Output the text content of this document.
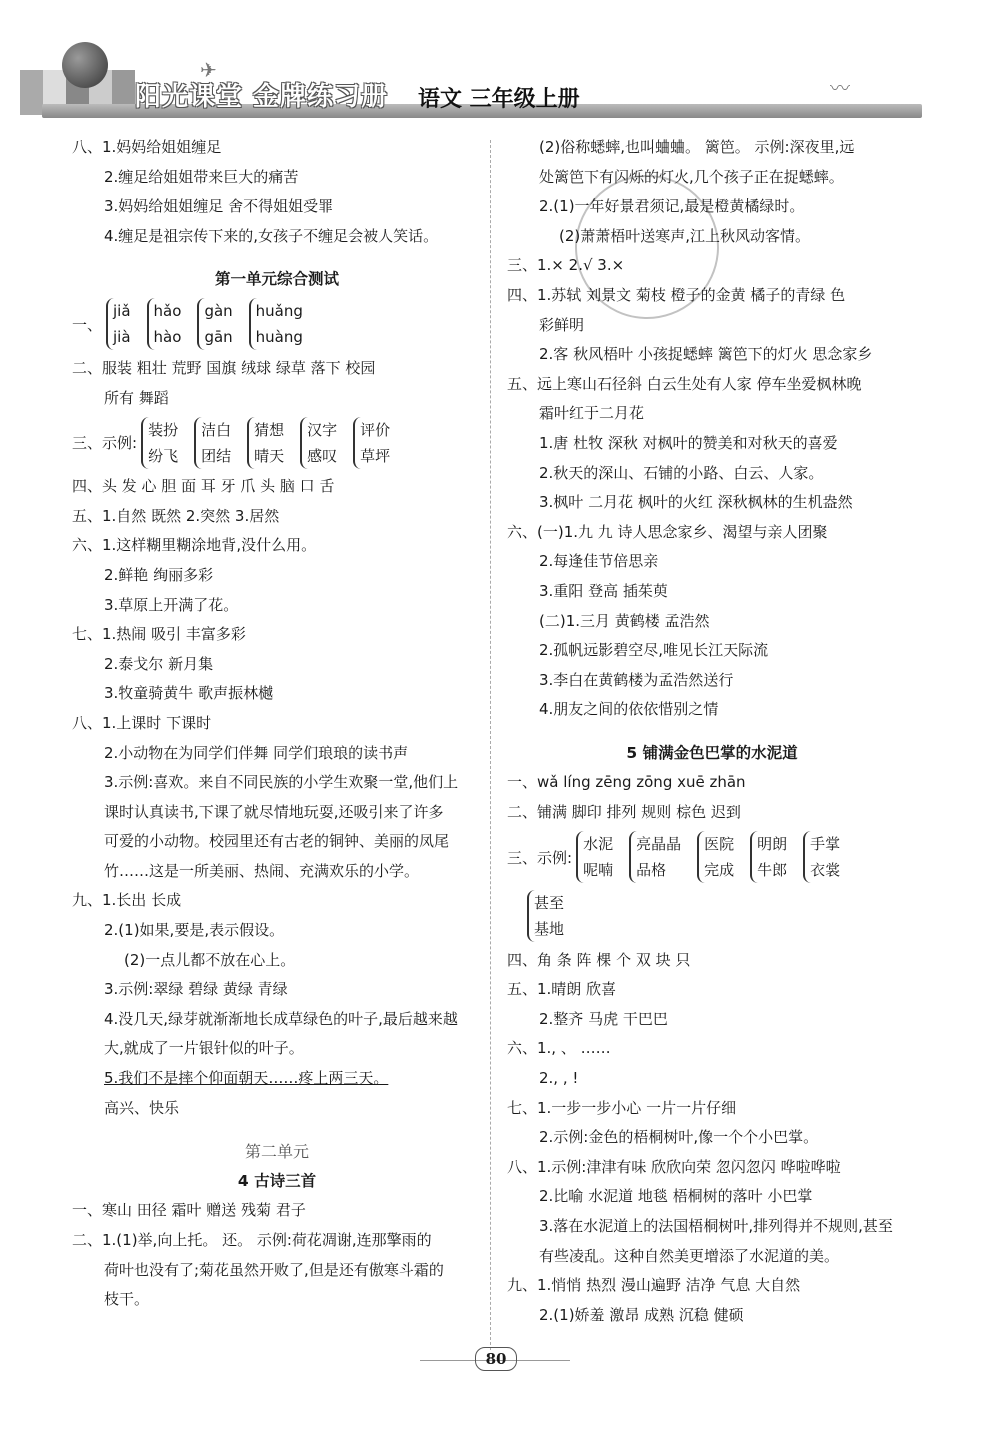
阳光课堂 金牌练习册 语文 三年级上册
✈
〰
八、1.妈妈给姐姐缠足
2.缠足给姐姐带来巨大的痛苦
3.妈妈给姐姐缠足 舍不得姐姐受罪
4.缠足是祖宗传下来的,女孩子不缠足会被人笑话。
第一单元综合测试
一、
jiǎ
jià
hǎo
hào
gàn
gān
huǎng
huàng
二、服装 粗壮 荒野 国旗 绒球 绿草 落下 校园
所有 舞蹈
三、示例:
装扮
纷飞
洁白
团结
猜想
晴天
汉字
感叹
评价
草坪
四、头 发 心 胆 面 耳 牙 爪 头 脑 口 舌
五、1.自然 既然 2.突然 3.居然
六、1.这样糊里糊涂地背,没什么用。
2.鲜艳 绚丽多彩
3.草原上开满了花。
七、1.热闹 吸引 丰富多彩
2.泰戈尔 新月集
3.牧童骑黄牛 歌声振林樾
八、1.上课时 下课时
2.小动物在为同学们伴舞 同学们琅琅的读书声
3.示例:喜欢。来自不同民族的小学生欢聚一堂,他们上
课时认真读书,下课了就尽情地玩耍,还吸引来了许多
可爱的小动物。校园里还有古老的铜钟、美丽的凤尾
竹……这是一所美丽、热闹、充满欢乐的小学。
九、1.长出 长成
2.(1)如果,要是,表示假设。
(2)一点儿都不放在心上。
3.示例:翠绿 碧绿 黄绿 青绿
4.没几天,绿芽就渐渐地长成草绿色的叶子,最后越来越
大,就成了一片银针似的叶子。
5.我们不是摔个仰面朝天……疼上两三天。
高兴、快乐
第二单元
4 古诗三首
一、寒山 田径 霜叶 赠送 残菊 君子
二、1.(1)举,向上托。 还。 示例:荷花凋谢,连那擎雨的
荷叶也没有了;菊花虽然开败了,但是还有傲寒斗霜的
枝干。
(2)俗称蟋蟀,也叫蛐蛐。 篱笆。 示例:深夜里,远
处篱笆下有闪烁的灯火,几个孩子正在捉蟋蟀。
2.(1)一年好景君须记,最是橙黄橘绿时。
(2)萧萧梧叶送寒声,江上秋风动客情。
三、1.× 2.√ 3.×
四、1.苏轼 刘景文 菊枝 橙子的金黄 橘子的青绿 色
彩鲜明
2.客 秋风梧叶 小孩捉蟋蟀 篱笆下的灯火 思念家乡
五、远上寒山石径斜 白云生处有人家 停车坐爱枫林晚
霜叶红于二月花
1.唐 杜牧 深秋 对枫叶的赞美和对秋天的喜爱
2.秋天的深山、石铺的小路、白云、人家。
3.枫叶 二月花 枫叶的火红 深秋枫林的生机盎然
六、(一)1.九 九 诗人思念家乡、渴望与亲人团聚
2.每逢佳节倍思亲
3.重阳 登高 插茱萸
(二)1.三月 黄鹤楼 孟浩然
2.孤帆远影碧空尽,唯见长江天际流
3.李白在黄鹤楼为孟浩然送行
4.朋友之间的依依惜别之情
5 铺满金色巴掌的水泥道
一、wǎ líng zēng zōng xuē zhān
二、铺满 脚印 排列 规则 棕色 迟到
三、示例:
水泥
呢喃
亮晶晶
品格
医院
完成
明朗
牛郎
手掌
衣裳
甚至
基地
四、角 条 阵 棵 个 双 块 只
五、1.晴朗 欣喜
2.整齐 马虎 干巴巴
六、1., 、 ……
2., , !
七、1.一步一步小心 一片一片仔细
2.示例:金色的梧桐树叶,像一个个小巴掌。
八、1.示例:津津有味 欣欣向荣 忽闪忽闪 哗啦哗啦
2.比喻 水泥道 地毯 梧桐树的落叶 小巴掌
3.落在水泥道上的法国梧桐树叶,排列得并不规则,甚至
有些凌乱。这种自然美更增添了水泥道的美。
九、1.悄悄 热烈 漫山遍野 洁净 气息 大自然
2.(1)娇羞 激昂 成熟 沉稳 健硕
80
